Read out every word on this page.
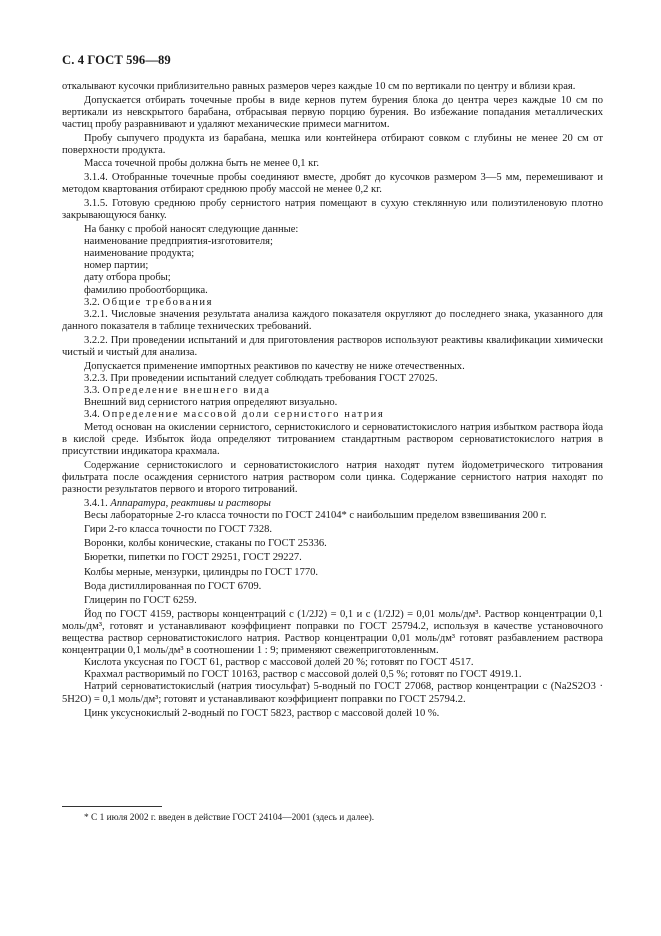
С. 4 ГОСТ 596—89

откалывают кусочки приблизительно равных размеров через каждые 10 см по вертикали по центру и вблизи края.

Допускается отбирать точечные пробы в виде кернов путем бурения блока до центра через каждые 10 см по вертикали из невскрытого барабана, отбрасывая первую порцию бурения. Во избежание попадания металлических частиц пробу разравнивают и удаляют механические примеси магнитом.

Пробу сыпучего продукта из барабана, мешка или контейнера отбирают совком с глубины не менее 20 см от поверхности продукта.

Масса точечной пробы должна быть не менее 0,1 кг.

3.1.4. Отобранные точечные пробы соединяют вместе, дробят до кусочков размером 3—5 мм, перемешивают и методом квартования отбирают среднюю пробу массой не менее 0,2 кг.

3.1.5. Готовую среднюю пробу сернистого натрия помещают в сухую стеклянную или полиэтиленовую плотно закрывающуюся банку.

На банку с пробой наносят следующие данные:

наименование предприятия-изготовителя;

наименование продукта;

номер партии;

дату отбора пробы;

фамилию пробоотборщика.

3.2. Общие требования

3.2.1. Числовые значения результата анализа каждого показателя округляют до последнего знака, указанного для данного показателя в таблице технических требований.

3.2.2. При проведении испытаний и для приготовления растворов используют реактивы квалификации химически чистый и чистый для анализа.

Допускается применение импортных реактивов по качеству не ниже отечественных.

3.2.3. При проведении испытаний следует соблюдать требования ГОСТ 27025.

3.3. Определение внешнего вида

Внешний вид сернистого натрия определяют визуально.

3.4. Определение массовой доли сернистого натрия

Метод основан на окислении сернистого, сернистокислого и серноватистокислого натрия избытком раствора йода в кислой среде. Избыток йода определяют титрованием стандартным раствором серноватистокислого натрия в присутствии индикатора крахмала.

Содержание сернистокислого и серноватистокислого натрия находят путем йодометрического титрования фильтрата после осаждения сернистого натрия раствором соли цинка. Содержание сернистого натрия находят по разности результатов первого и второго титрований.

3.4.1. Аппаратура, реактивы и растворы

Весы лабораторные 2-го класса точности по ГОСТ 24104* с наибольшим пределом взвешивания 200 г.

Гири 2-го класса точности по ГОСТ 7328.

Воронки, колбы конические, стаканы по ГОСТ 25336.

Бюретки, пипетки по ГОСТ 29251, ГОСТ 29227.

Колбы мерные, мензурки, цилиндры по ГОСТ 1770.

Вода дистиллированная по ГОСТ 6709.

Глицерин по ГОСТ 6259.

Йод по ГОСТ 4159, растворы концентраций c (1/2J2) = 0,1 и c (1/2J2) = 0,01 моль/дм³. Раствор концентрации 0,1 моль/дм³, готовят и устанавливают коэффициент поправки по ГОСТ 25794.2, используя в качестве установочного вещества раствор серноватистокислого натрия. Раствор концентрации 0,01 моль/дм³ готовят разбавлением раствора концентрации 0,1 моль/дм³ в соотношении 1 : 9; применяют свежеприготовленным.

Кислота уксусная по ГОСТ 61, раствор с массовой долей 20 %; готовят по ГОСТ 4517.

Крахмал растворимый по ГОСТ 10163, раствор с массовой долей 0,5 %; готовят по ГОСТ 4919.1.

Натрий серноватистокислый (натрия тиосульфат) 5-водный по ГОСТ 27068, раствор концентрации c (Na2S2O3 · 5H2O) = 0,1 моль/дм³; готовят и устанавливают коэффициент поправки по ГОСТ 25794.2.

Цинк уксуснокислый 2-водный по ГОСТ 5823, раствор с массовой долей 10 %.

* С 1 июля 2002 г. введен в действие ГОСТ 24104—2001 (здесь и далее).
